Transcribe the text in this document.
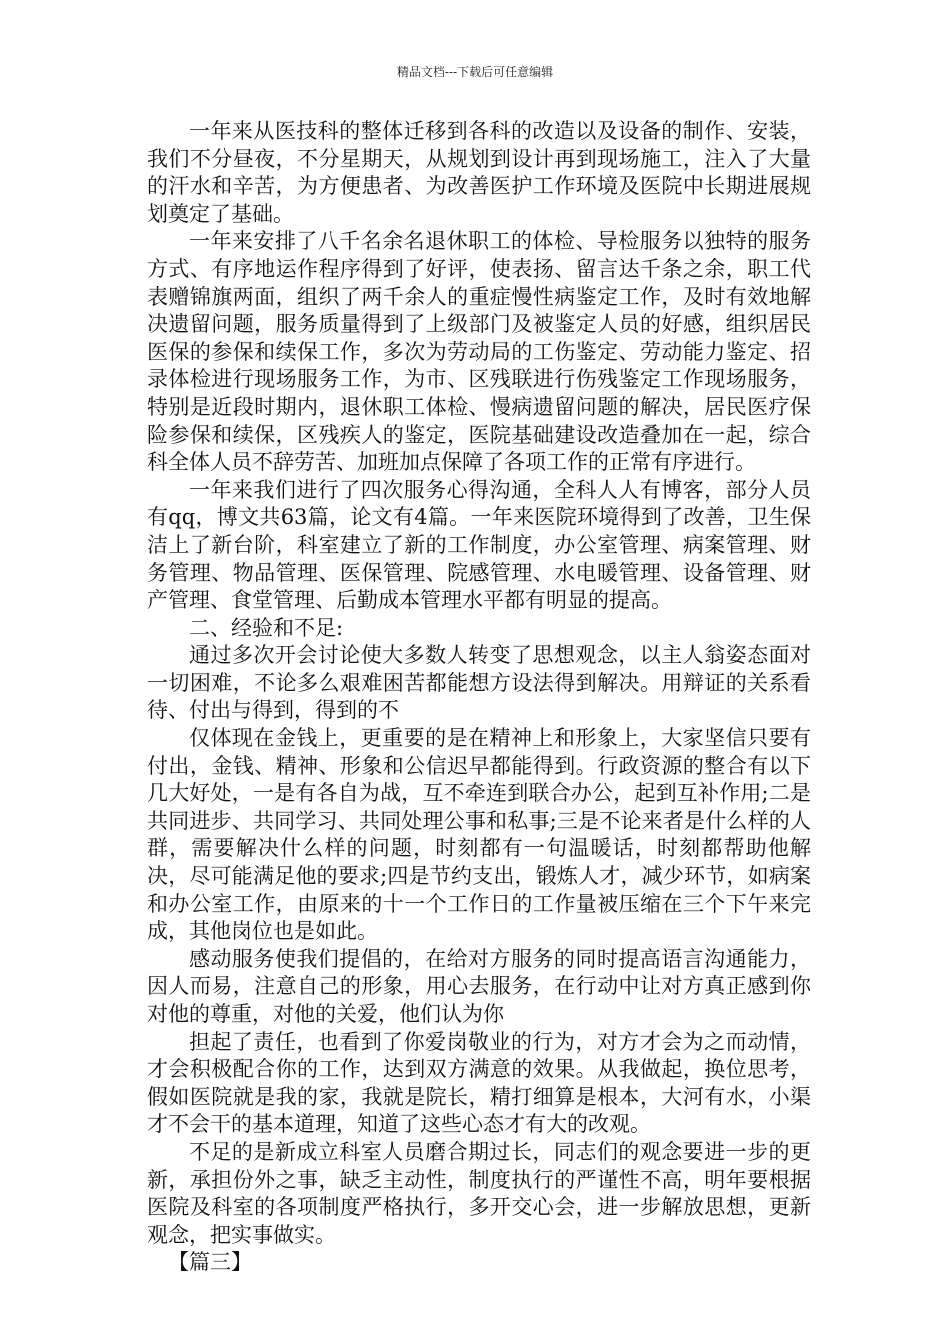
精品文档---下载后可任意编辑

一年来从医技科的整体迁移到各科的改造以及设备的制作、安装，我们不分昼夜，不分星期天，从规划到设计再到现场施工，注入了大量的汗水和辛苦，为方便患者、为改善医护工作环境及医院中长期进展规划奠定了基础。

一年来安排了八千名余名退休职工的体检、导检服务以独特的服务方式、有序地运作程序得到了好评，使表扬、留言达千条之余，职工代表赠锦旗两面，组织了两千余人的重症慢性病鉴定工作，及时有效地解决遗留问题，服务质量得到了上级部门及被鉴定人员的好感，组织居民医保的参保和续保工作，多次为劳动局的工伤鉴定、劳动能力鉴定、招录体检进行现场服务工作，为市、区残联进行伤残鉴定工作现场服务，特别是近段时期内，退休职工体检、慢病遗留问题的解决，居民医疗保险参保和续保，区残疾人的鉴定，医院基础建设改造叠加在一起，综合科全体人员不辞劳苦、加班加点保障了各项工作的正常有序进行。

一年来我们进行了四次服务心得沟通，全科人人有博客，部分人员有qq，博文共63篇，论文有4篇。一年来医院环境得到了改善，卫生保洁上了新台阶，科室建立了新的工作制度，办公室管理、病案管理、财务管理、物品管理、医保管理、院感管理、水电暖管理、设备管理、财产管理、食堂管理、后勤成本管理水平都有明显的提高。

二、经验和不足:

通过多次开会讨论使大多数人转变了思想观念，以主人翁姿态面对一切困难，不论多么艰难困苦都能想方设法得到解决。用辩证的关系看待、付出与得到，得到的不

仅体现在金钱上，更重要的是在精神上和形象上，大家坚信只要有付出，金钱、精神、形象和公信迟早都能得到。行政资源的整合有以下几大好处，一是有各自为战，互不牵连到联合办公，起到互补作用;二是共同进步、共同学习、共同处理公事和私事;三是不论来者是什么样的人群，需要解决什么样的问题，时刻都有一句温暖话，时刻都帮助他解决，尽可能满足他的要求;四是节约支出，锻炼人才，减少环节，如病案和办公室工作，由原来的十一个工作日的工作量被压缩在三个下午来完成，其他岗位也是如此。

感动服务使我们提倡的，在给对方服务的同时提高语言沟通能力，因人而易，注意自己的形象，用心去服务，在行动中让对方真正感到你对他的尊重，对他的关爱，他们认为你

担起了责任，也看到了你爱岗敬业的行为，对方才会为之而动情，才会积极配合你的工作，达到双方满意的效果。从我做起，换位思考，假如医院就是我的家，我就是院长，精打细算是根本，大河有水，小渠才不会干的基本道理，知道了这些心态才有大的改观。

不足的是新成立科室人员磨合期过长，同志们的观念要进一步的更新，承担份外之事，缺乏主动性，制度执行的严谨性不高，明年要根据医院及科室的各项制度严格执行，多开交心会，进一步解放思想，更新观念，把实事做实。

【篇三】
